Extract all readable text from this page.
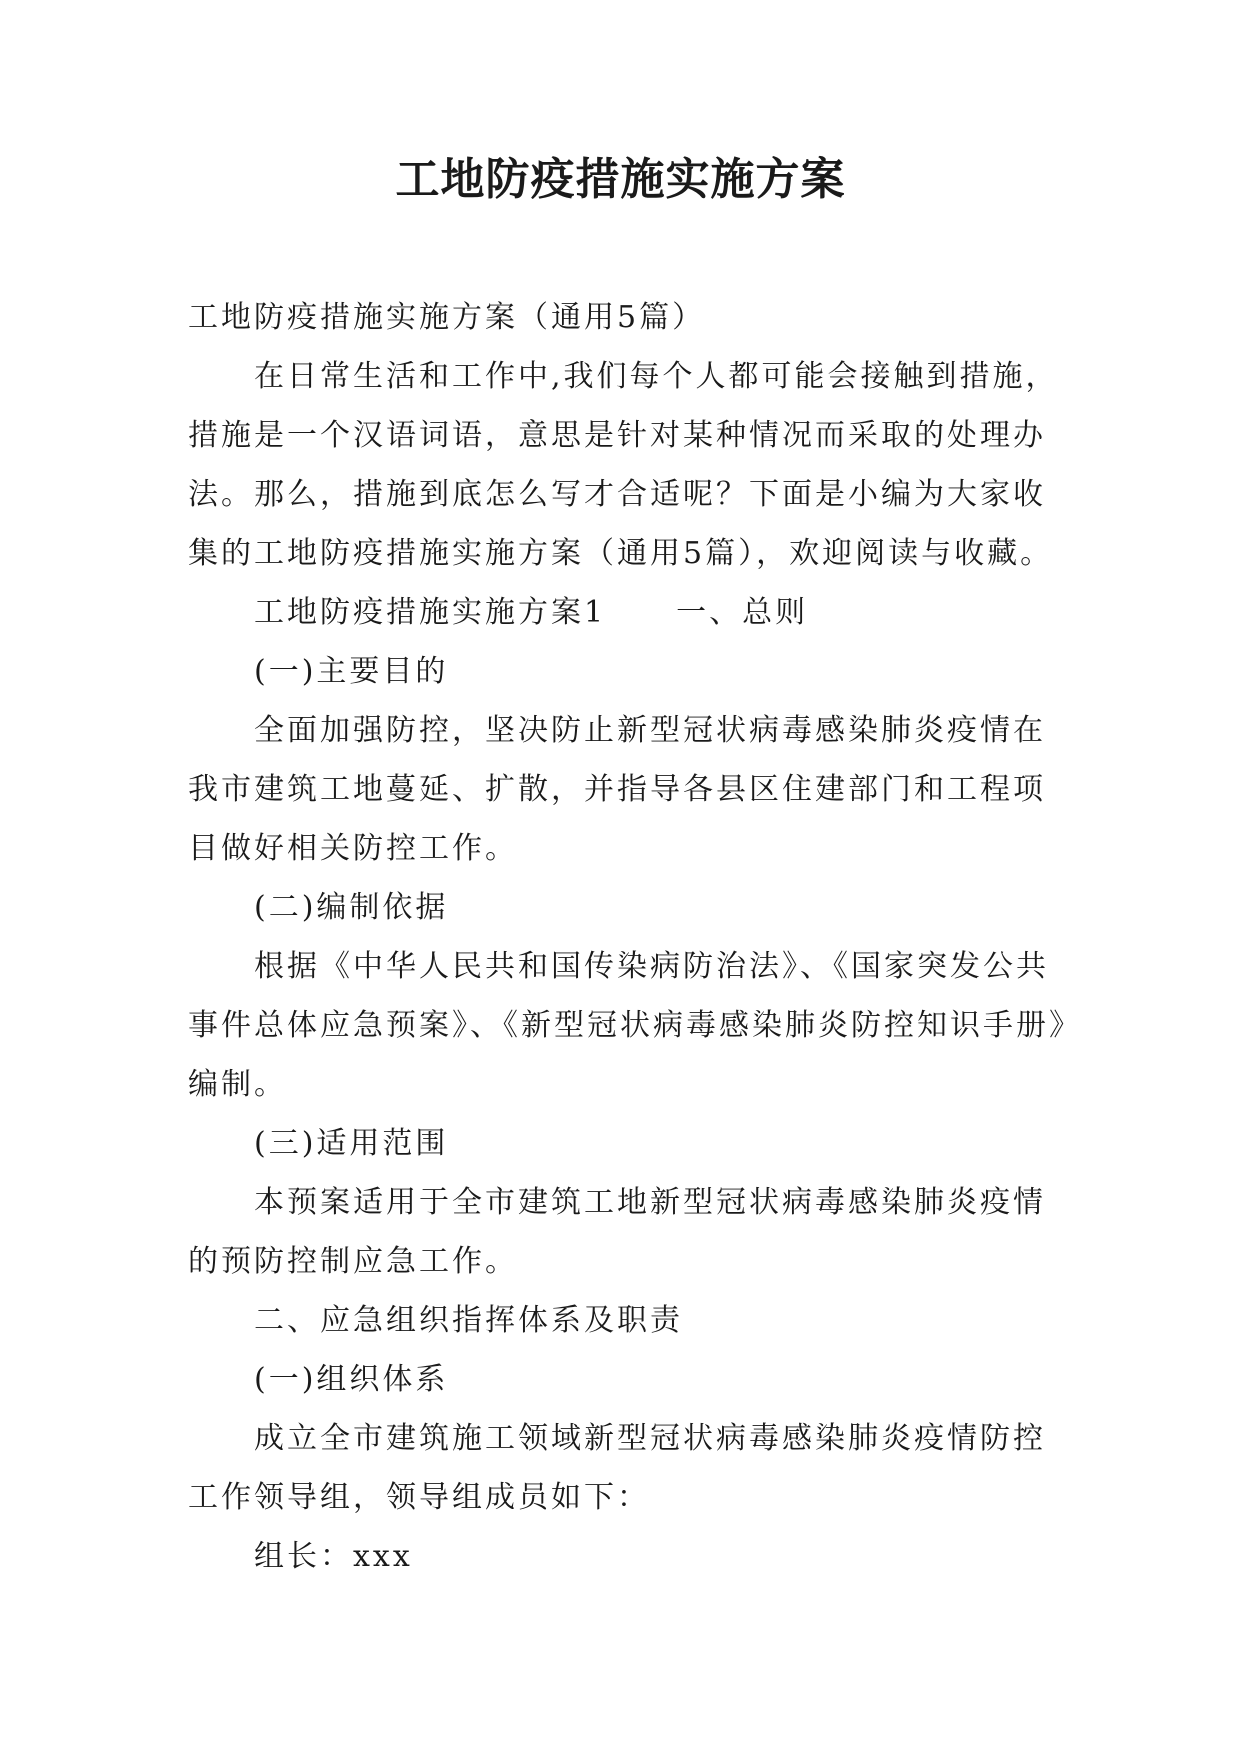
工地防疫措施实施方案

工地防疫措施实施方案（通用5篇）

在日常生活和工作中,我们每个人都可能会接触到措施，措施是一个汉语词语，意思是针对某种情况而采取的处理办法。那么，措施到底怎么写才合适呢？下面是小编为大家收集的工地防疫措施实施方案（通用5篇），欢迎阅读与收藏。

工地防疫措施实施方案1 一、总则

(一)主要目的

全面加强防控，坚决防止新型冠状病毒感染肺炎疫情在我市建筑工地蔓延、扩散，并指导各县区住建部门和工程项目做好相关防控工作。

(二)编制依据

根据《中华人民共和国传染病防治法》、《国家突发公共事件总体应急预案》、《新型冠状病毒感染肺炎防控知识手册》编制。

(三)适用范围

本预案适用于全市建筑工地新型冠状病毒感染肺炎疫情的预防控制应急工作。

二、应急组织指挥体系及职责

(一)组织体系

成立全市建筑施工领域新型冠状病毒感染肺炎疫情防控工作领导组，领导组成员如下：

组长：xxx
